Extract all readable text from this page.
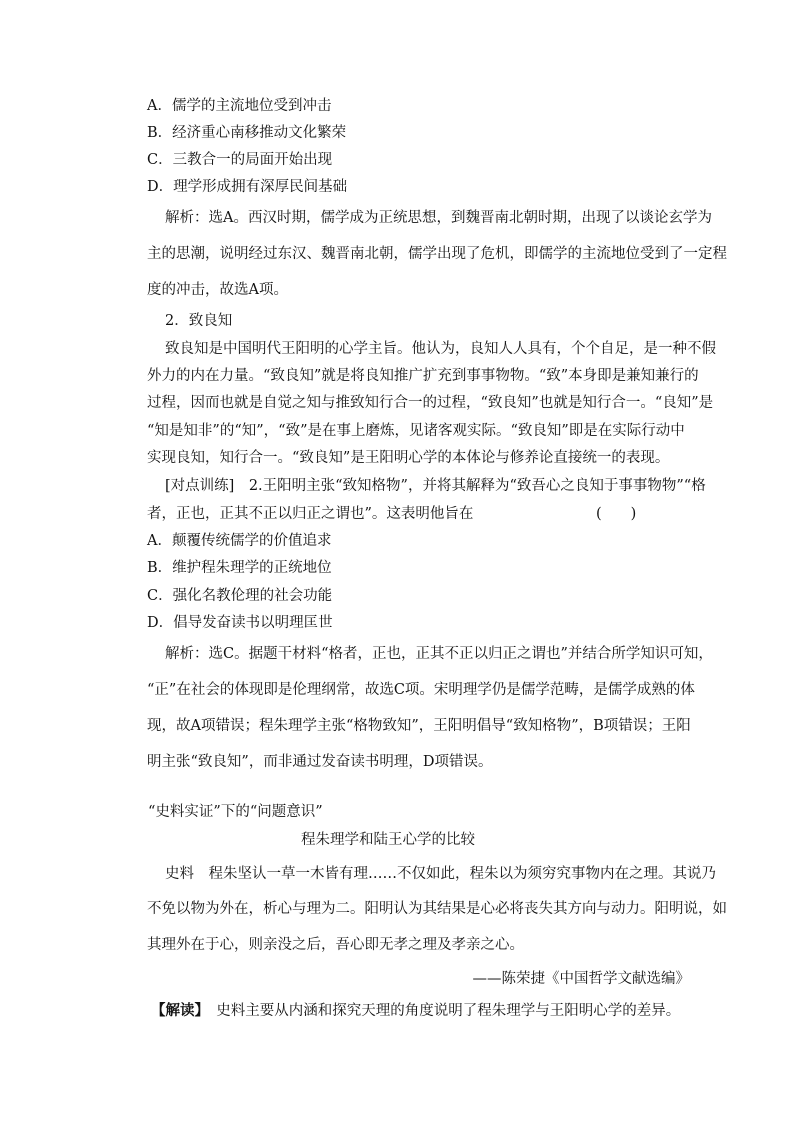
A．儒学的主流地位受到冲击
B．经济重心南移推动文化繁荣
C．三教合一的局面开始出现
D．理学形成拥有深厚民间基础
解析：选A。西汉时期，儒学成为正统思想，到魏晋南北朝时期，出现了以谈论玄学为
主的思潮，说明经过东汉、魏晋南北朝，儒学出现了危机，即儒学的主流地位受到了一定程
度的冲击，故选A项。
2．致良知
致良知是中国明代王阳明的心学主旨。他认为，良知人人具有，个个自足，是一种不假
外力的内在力量。“致良知”就是将良知推广扩充到事事物物。“致”本身即是兼知兼行的
过程，因而也就是自觉之知与推致知行合一的过程，“致良知”也就是知行合一。“良知”是
“知是知非”的“知”，“致”是在事上磨炼，见诸客观实际。“致良知”即是在实际行动中
实现良知，知行合一。“致良知”是王阳明心学的本体论与修养论直接统一的表现。
[对点训练]　2.王阳明主张“致知格物”，并将其解释为“致吾心之良知于事事物物”“格
者，正也，正其不正以归正之谓也”。这表明他旨在	(　　)
A．颠覆传统儒学的价值追求
B．维护程朱理学的正统地位
C．强化名教伦理的社会功能
D．倡导发奋读书以明理匡世
解析：选C。据题干材料“格者，正也，正其不正以归正之谓也”并结合所学知识可知，
“正”在社会的体现即是伦理纲常，故选C项。宋明理学仍是儒学范畴，是儒学成熟的体
现，故A项错误；程朱理学主张“格物致知”，王阳明倡导“致知格物”，B项错误；王阳
明主张“致良知”，而非通过发奋读书明理，D项错误。
“史料实证”下的“问题意识”
程朱理学和陆王心学的比较
史料　程朱坚认一草一木皆有理……不仅如此，程朱以为须穷究事物内在之理。其说乃
不免以物为外在，析心与理为二。阳明认为其结果是心必将丧失其方向与动力。阳明说，如
其理外在于心，则亲没之后，吾心即无孝之理及孝亲之心。
——陈荣捷《中国哲学文献选编》
【解读】　史料主要从内涵和探究天理的角度说明了程朱理学与王阳明心学的差异。
